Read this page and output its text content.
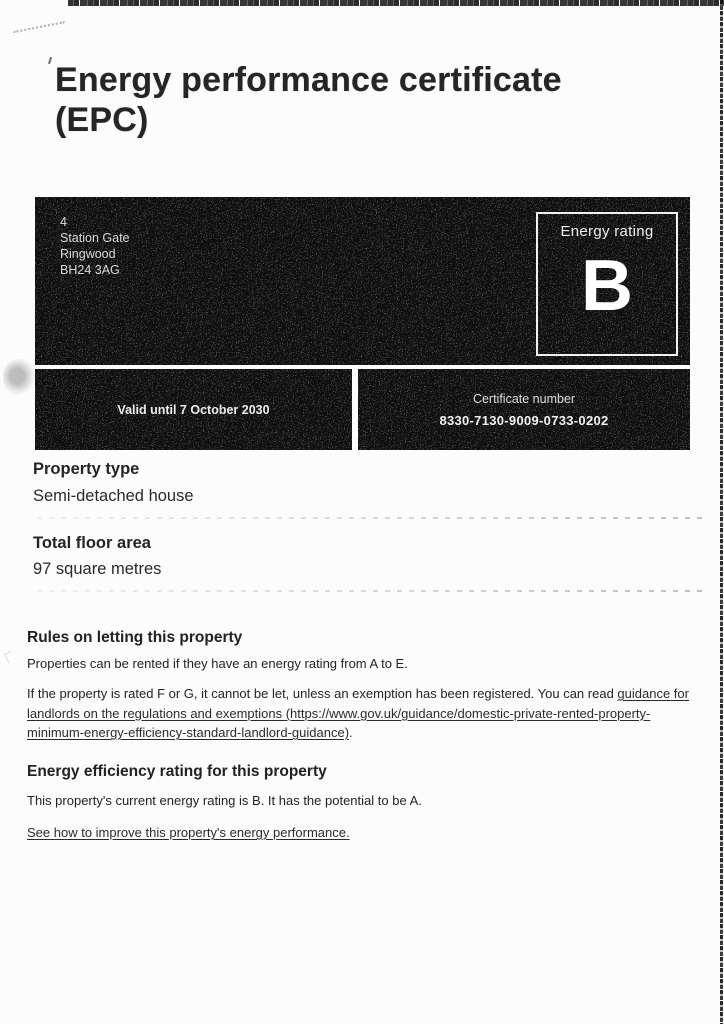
Energy performance certificate
(EPC)
4
Station Gate
Ringwood
BH24 3AG
Energy rating
B
Valid until 7 October 2030
Certificate number
8330-7130-9009-0733-0202
Property type
Semi-detached house
Total floor area
97 square metres
Rules on letting this property

Properties can be rented if they have an energy rating from A to E.

If the property is rated F or G, it cannot be let, unless an exemption has been registered. You can read guidance for landlords on the regulations and exemptions (https://www.gov.uk/guidance/domestic-private-rented-property-minimum-energy-efficiency-standard-landlord-guidance).

Energy efficiency rating for this property

This property's current energy rating is B. It has the potential to be A.

See how to improve this property's energy performance.
